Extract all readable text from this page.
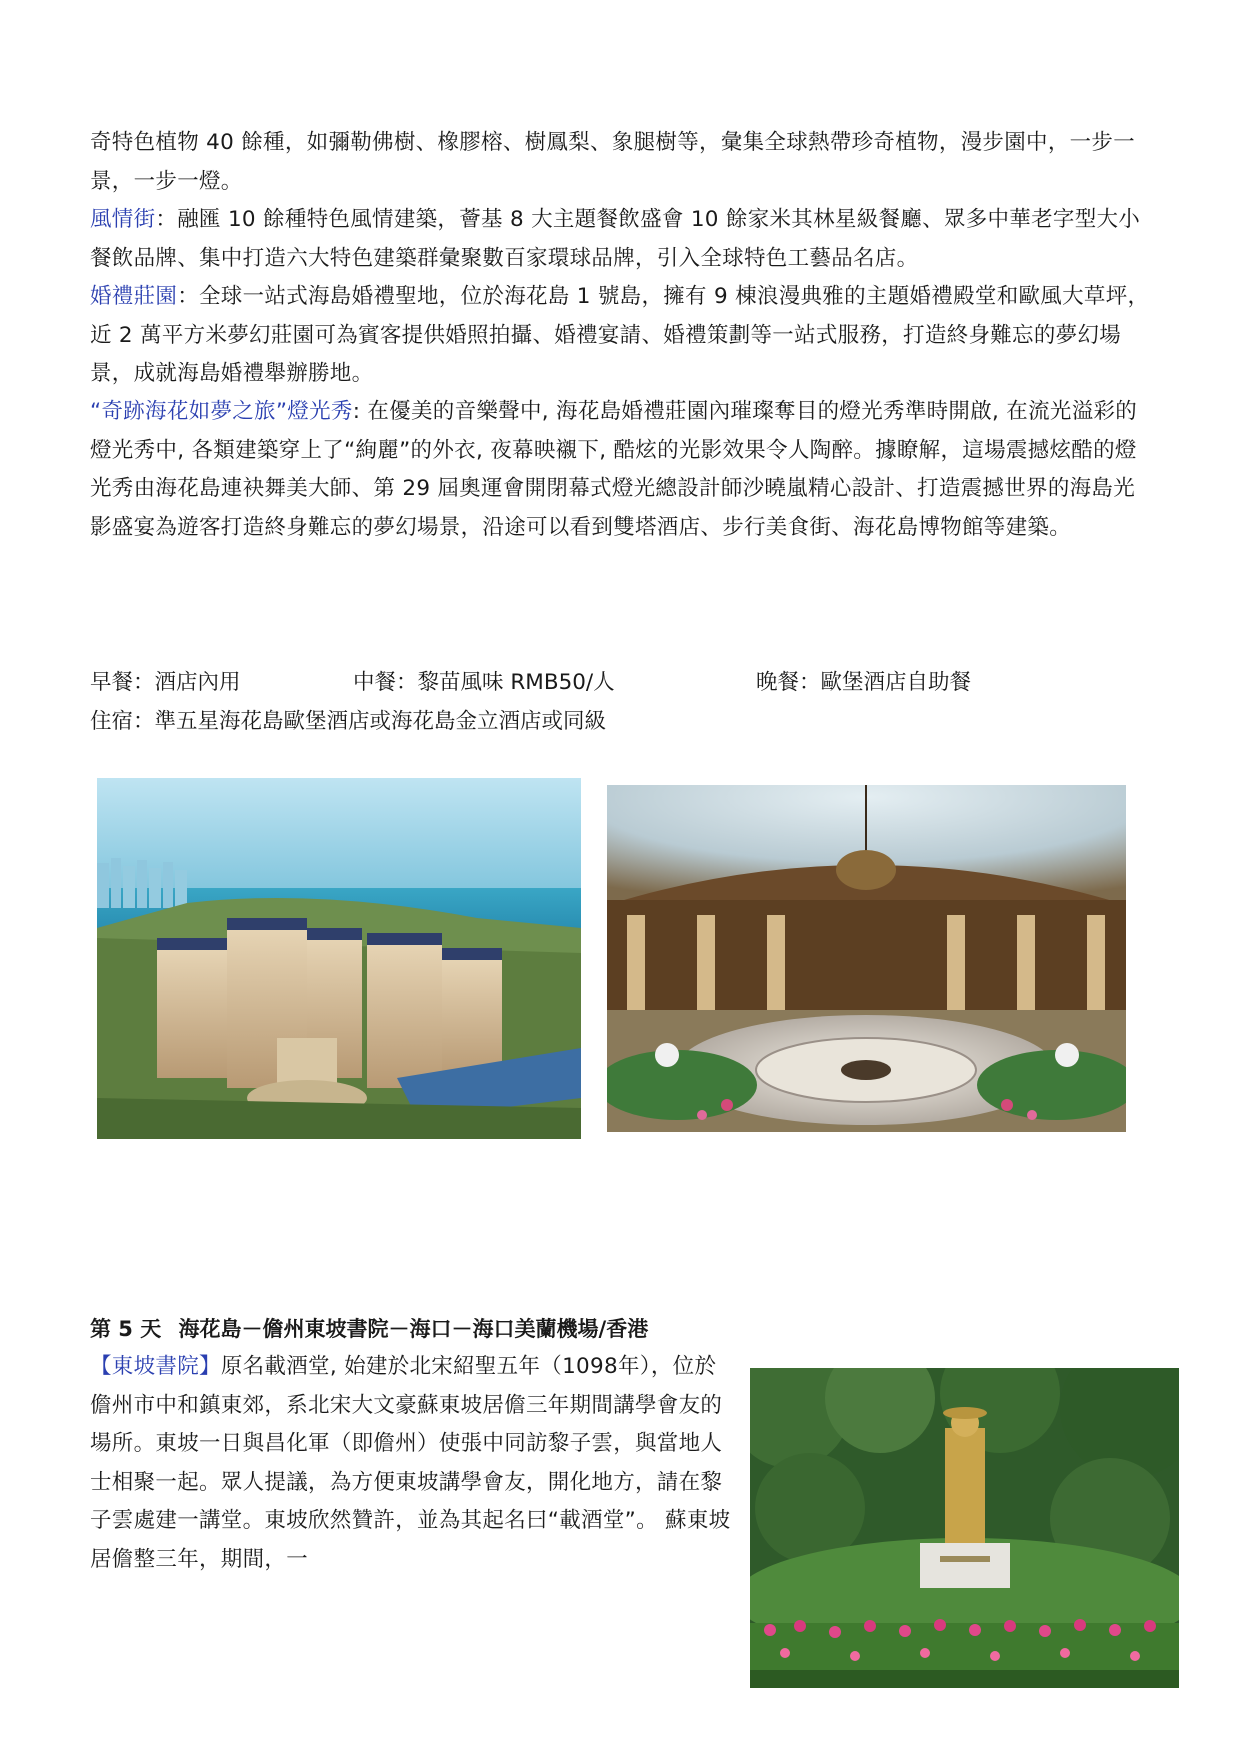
奇特色植物 40 餘種，如彌勒佛樹、橡膠榕、樹鳳梨、象腿樹等，彙集全球熱帶珍奇植物，漫步園中，一步一景，一步一燈。

風情街：融匯 10 餘種特色風情建築，薈基 8 大主題餐飲盛會 10 餘家米其林星級餐廳、眾多中華老字型大小餐飲品牌、集中打造六大特色建築群彙聚數百家環球品牌，引入全球特色工藝品名店。

婚禮莊園：全球一站式海島婚禮聖地，位於海花島 1 號島，擁有 9 棟浪漫典雅的主題婚禮殿堂和歐風大草坪，近 2 萬平方米夢幻莊園可為賓客提供婚照拍攝、婚禮宴請、婚禮策劃等一站式服務，打造終身難忘的夢幻場景，成就海島婚禮舉辦勝地。

“奇跡海花如夢之旅”燈光秀: 在優美的音樂聲中, 海花島婚禮莊園內璀璨奪目的燈光秀準時開啟, 在流光溢彩的燈光秀中, 各類建築穿上了“絢麗”的外衣, 夜幕映襯下, 酷炫的光影效果令人陶醉。據瞭解，這場震撼炫酷的燈光秀由海花島連袂舞美大師、第 29 屆奧運會開閉幕式燈光總設計師沙曉嵐精心設計、打造震撼世界的海島光影盛宴為遊客打造終身難忘的夢幻場景，沿途可以看到雙塔酒店、步行美食街、海花島博物館等建築。

早餐：酒店內用	中餐：黎苗風味 RMB50/人	晚餐：歐堡酒店自助餐
住宿：準五星海花島歐堡酒店或海花島金立酒店或同級
第 5 天 海花島－儋州東坡書院－海口－海口美蘭機場/香港

【東坡書院】原名載酒堂, 始建於北宋紹聖五年（1098年），位於儋州市中和鎮東郊，系北宋大文豪蘇東坡居儋三年期間講學會友的場所。東坡一日與昌化軍（即儋州）使張中同訪黎子雲，與當地人士相聚一起。眾人提議，為方便東坡講學會友，開化地方，請在黎子雲處建一講堂。東坡欣然贊許，並為其起名曰“載酒堂”。 蘇東坡居儋整三年，期間，一
